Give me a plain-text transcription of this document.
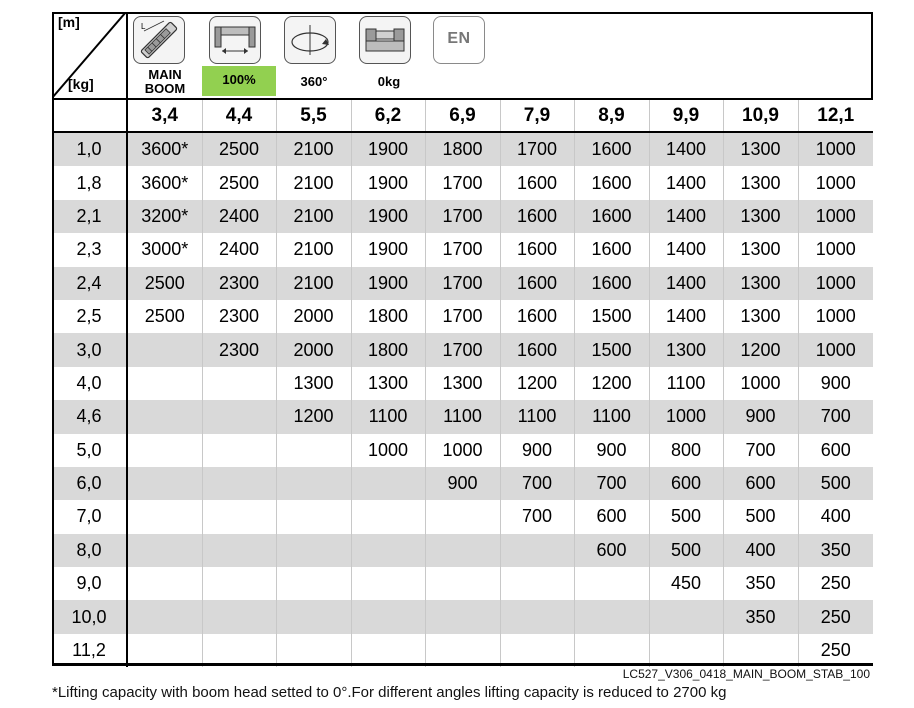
[m]
[kg]
L
EN
MAIN BOOM
100%	360°	0kg
	3,4	4,4	5,5	6,2	6,9	7,9	8,9	9,9	10,9	12,1
1,0	3600*	2500	2100	1900	1800	1700	1600	1400	1300	1000
1,8	3600*	2500	2100	1900	1700	1600	1600	1400	1300	1000
2,1	3200*	2400	2100	1900	1700	1600	1600	1400	1300	1000
2,3	3000*	2400	2100	1900	1700	1600	1600	1400	1300	1000
2,4	2500	2300	2100	1900	1700	1600	1600	1400	1300	1000
2,5	2500	2300	2000	1800	1700	1600	1500	1400	1300	1000
3,0		2300	2000	1800	1700	1600	1500	1300	1200	1000
4,0			1300	1300	1300	1200	1200	1100	1000	900
4,6			1200	1100	1100	1100	1100	1000	900	700
5,0				1000	1000	900	900	800	700	600
6,0					900	700	700	600	600	500
7,0						700	600	500	500	400
8,0							600	500	400	350
9,0								450	350	250
10,0									350	250
11,2										250
LC527_V306_0418_MAIN_BOOM_STAB_100
*Lifting capacity with boom head setted to 0°.For different angles lifting capacity is reduced to 2700 kg
